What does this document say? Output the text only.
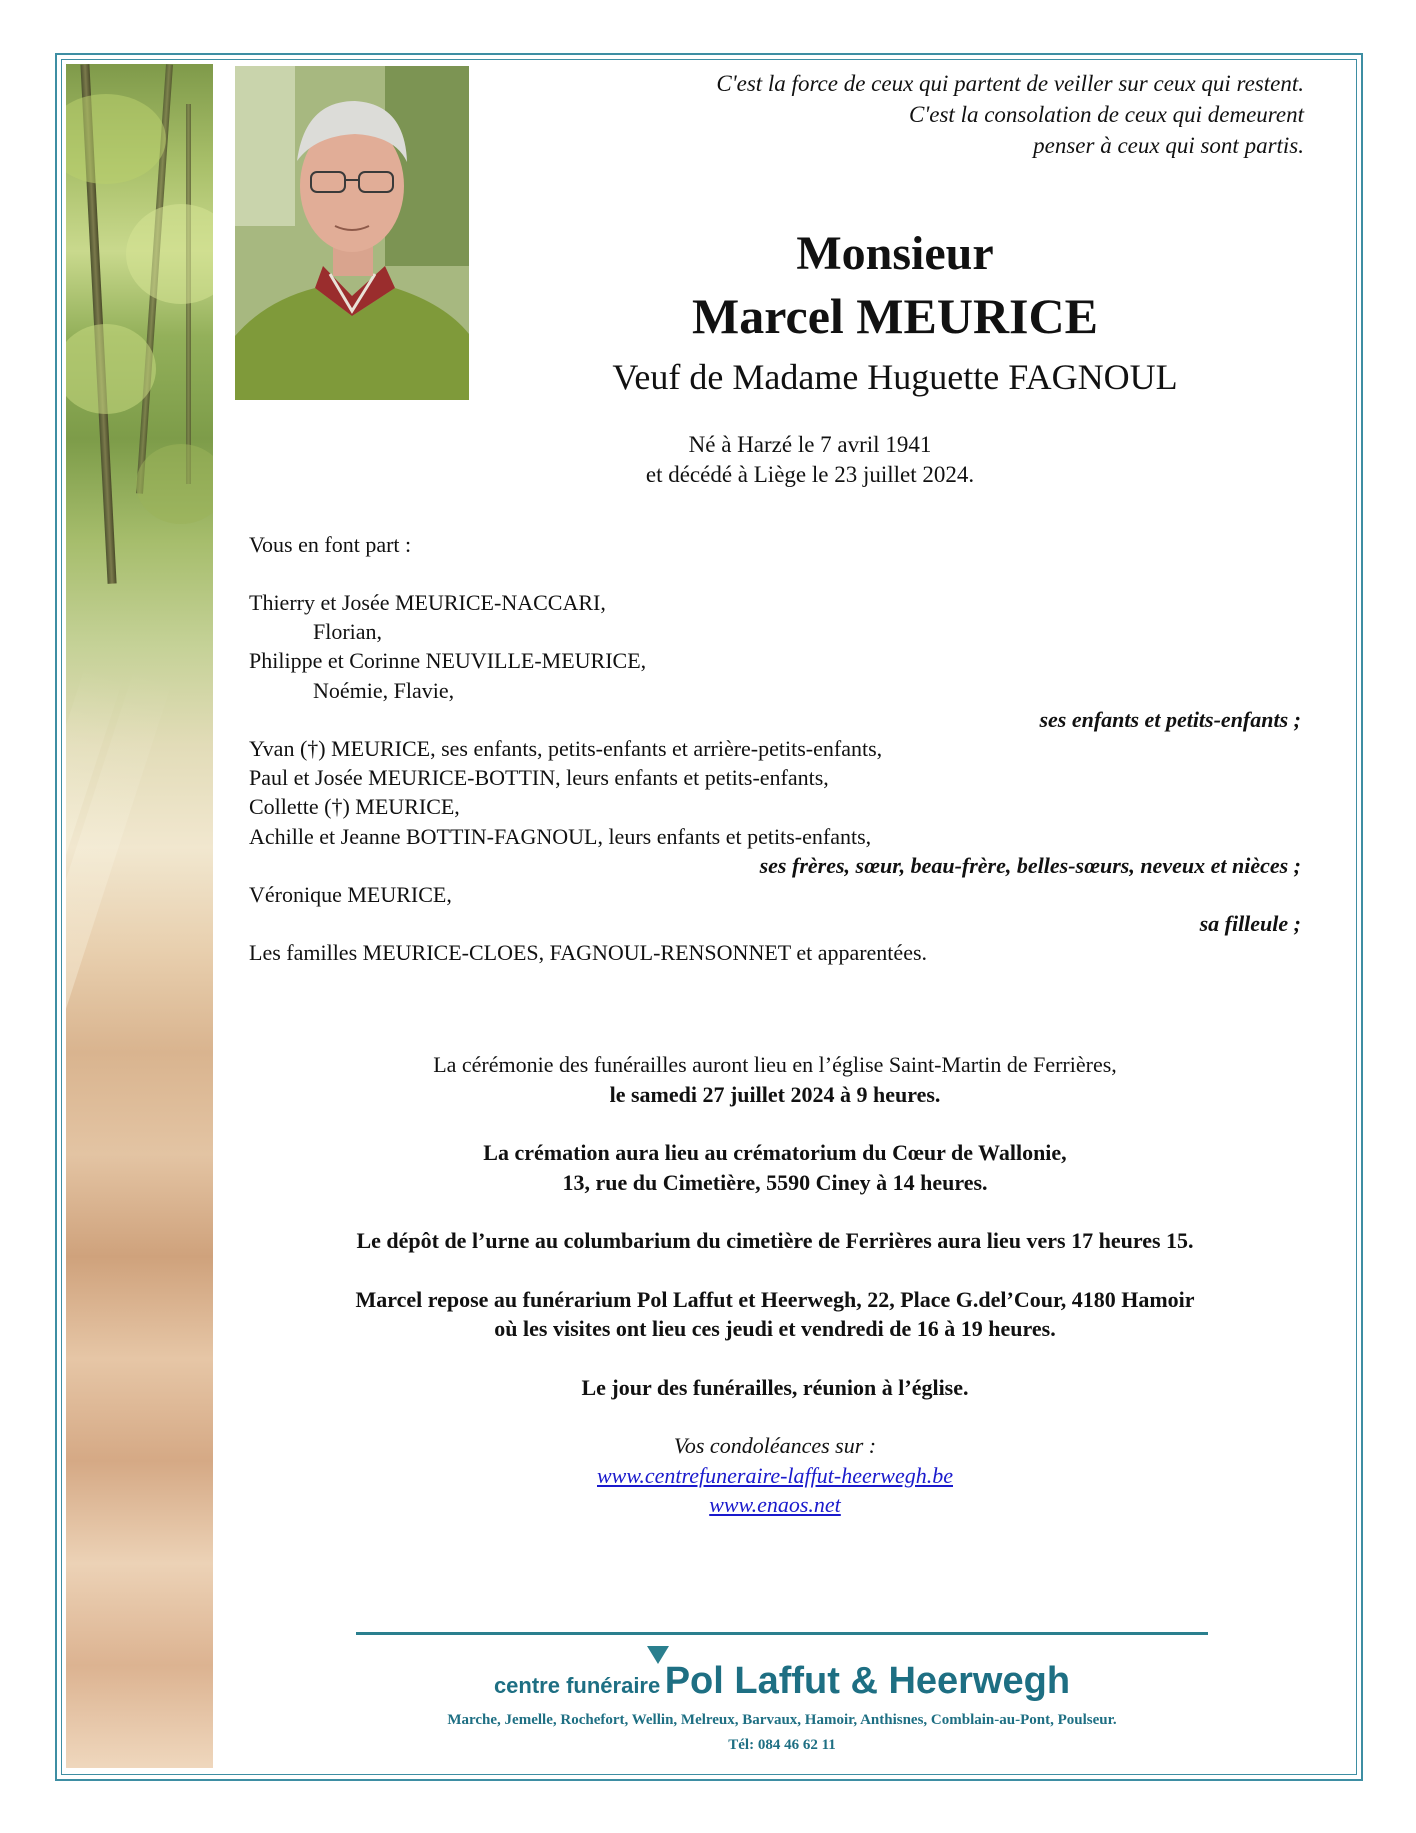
C'est la force de ceux qui partent de veiller sur ceux qui restent.
C'est la consolation de ceux qui demeurent
penser à ceux qui sont partis.
Monsieur
Marcel MEURICE
Veuf de Madame Huguette FAGNOUL
Né à Harzé le 7 avril 1941
et décédé à Liège le 23 juillet 2024.
Vous en font part :
Thierry et Josée MEURICE-NACCARI,
Florian,
Philippe et Corinne NEUVILLE-MEURICE,
Noémie, Flavie,
ses enfants et petits-enfants ;
Yvan (†) MEURICE, ses enfants, petits-enfants et arrière-petits-enfants,
Paul et Josée MEURICE-BOTTIN, leurs enfants et petits-enfants,
Collette (†) MEURICE,
Achille et Jeanne BOTTIN-FAGNOUL, leurs enfants et petits-enfants,
ses frères, sœur, beau-frère, belles-sœurs, neveux et nièces ;
Véronique MEURICE,
sa filleule ;
Les familles MEURICE-CLOES, FAGNOUL-RENSONNET et apparentées.
La cérémonie des funérailles auront lieu en l’église Saint-Martin de Ferrières,
le samedi 27 juillet 2024 à 9 heures.
La crémation aura lieu au crématorium du Cœur de Wallonie,
13, rue du Cimetière, 5590 Ciney à 14 heures.
Le dépôt de l’urne au columbarium du cimetière de Ferrières aura lieu vers 17 heures 15.
Marcel repose au funérarium Pol Laffut et Heerwegh, 22, Place G.del’Cour, 4180 Hamoir
où les visites ont lieu ces jeudi et vendredi de 16 à 19 heures.
Le jour des funérailles, réunion à l’église.
Vos condoléances sur :
www.centrefuneraire-laffut-heerwegh.be
www.enaos.net
centre funéraire Pol Laffut & Heerwegh
Marche, Jemelle, Rochefort, Wellin, Melreux, Barvaux, Hamoir, Anthisnes, Comblain-au-Pont, Poulseur.
Tél: 084 46 62 11
